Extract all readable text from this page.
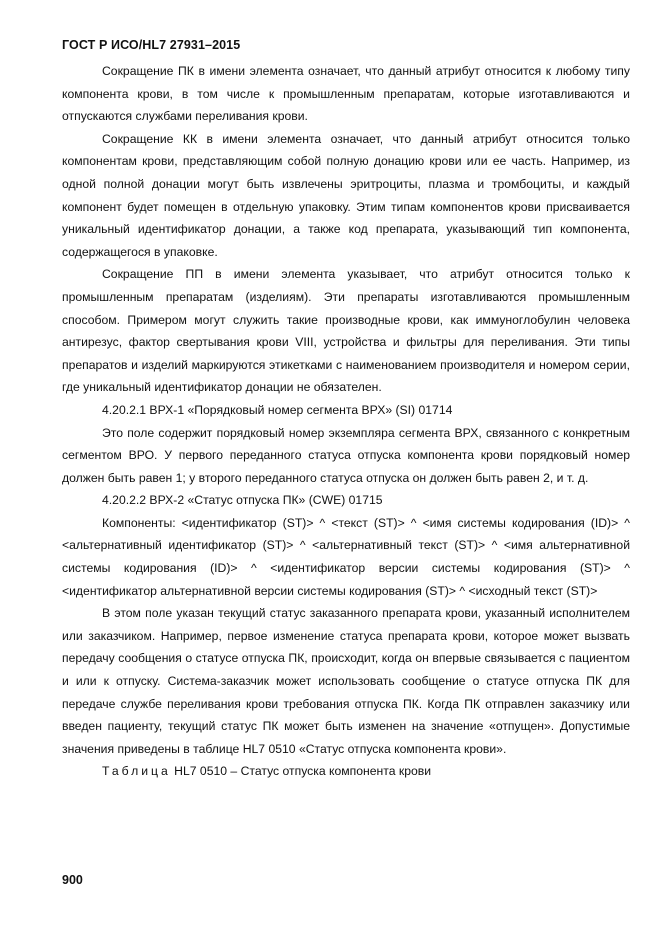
ГОСТ Р ИСО/HL7 27931–2015

Сокращение ПК в имени элемента означает, что данный атрибут относится к любому типу компонента крови, в том числе к промышленным препаратам, которые изготавливаются и отпускаются службами переливания крови.

Сокращение КК в имени элемента означает, что данный атрибут относится только компонентам крови, представляющим собой полную донацию крови или ее часть. Например, из одной полной донации могут быть извлечены эритроциты, плазма и тромбоциты, и каждый компонент будет помещен в отдельную упаковку. Этим типам компонентов крови присваивается уникальный идентификатор донации, а также код препарата, указывающий тип компонента, содержащегося в упаковке.

Сокращение ПП в имени элемента указывает, что атрибут относится только к промышленным препаратам (изделиям). Эти препараты изготавливаются промышленным способом. Примером могут служить такие производные крови, как иммуноглобулин человека антирезус, фактор свертывания крови VIII, устройства и фильтры для переливания. Эти типы препаратов и изделий маркируются этикетками с наименованием производителя и номером серии, где уникальный идентификатор донации не обязателен.

4.20.2.1 ВРХ-1 «Порядковый номер сегмента ВРХ» (SI) 01714

Это поле содержит порядковый номер экземпляра сегмента ВРХ, связанного с конкретным сегментом ВРО. У первого переданного статуса отпуска компонента крови порядковый номер должен быть равен 1; у второго переданного статуса отпуска он должен быть равен 2, и т. д.

4.20.2.2 ВРХ-2 «Статус отпуска ПК» (CWE) 01715

Компоненты: <идентификатор (ST)> ^ <текст (ST)> ^ <имя системы кодирования (ID)> ^ <альтернативный идентификатор (ST)> ^ <альтернативный текст (ST)> ^ <имя альтернативной системы кодирования (ID)> ^ <идентификатор версии системы кодирования (ST)> ^ <идентификатор альтернативной версии системы кодирования (ST)> ^ <исходный текст (ST)>

В этом поле указан текущий статус заказанного препарата крови, указанный исполнителем или заказчиком. Например, первое изменение статуса препарата крови, которое может вызвать передачу сообщения о статусе отпуска ПК, происходит, когда он впервые связывается с пациентом и или к отпуску. Система-заказчик может использовать сообщение о статусе отпуска ПК для передаче службе переливания крови требования отпуска ПК. Когда ПК отправлен заказчику или введен пациенту, текущий статус ПК может быть изменен на значение «отпущен». Допустимые значения приведены в таблице HL7 0510 «Статус отпуска компонента крови».

Таблица HL7 0510 – Статус отпуска компонента крови

900
